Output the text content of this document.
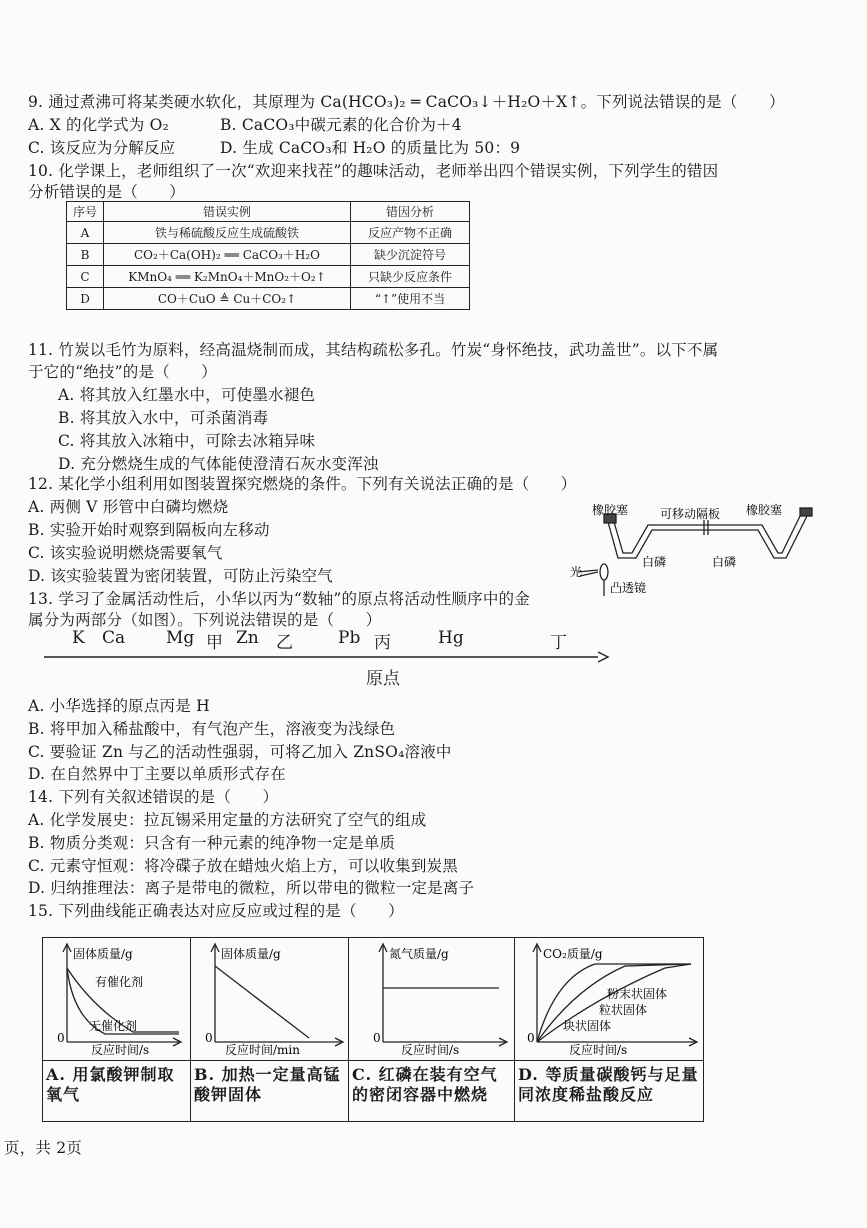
9. 通过煮沸可将某类硬水软化，其原理为 Ca(HCO₃)₂ ═ CaCO₃↓＋H₂O＋X↑。下列说法错误的是（　　）
A. X 的化学式为 O₂	B. CaCO₃中碳元素的化合价为＋4
C. 该反应为分解反应	D. 生成 CaCO₃和 H₂O 的质量比为 50：9
10. 化学课上，老师组织了一次“欢迎来找茬”的趣味活动，老师举出四个错误实例，下列学生的错因
分析错误的是（　　）
序号	错误实例	错因分析
A	铁与稀硫酸反应生成硫酸铁	反应产物不正确
B	CO₂＋Ca(OH)₂ ══ CaCO₃＋H₂O	缺少沉淀符号
C	KMnO₄ ══ K₂MnO₄＋MnO₂＋O₂↑	只缺少反应条件
D	CO＋CuO ≜ Cu＋CO₂↑	“↑”使用不当
11. 竹炭以毛竹为原料，经高温烧制而成，其结构疏松多孔。竹炭“身怀绝技，武功盖世”。以下不属
于它的“绝技”的是（　　）
A. 将其放入红墨水中，可使墨水褪色
B. 将其放入水中，可杀菌消毒
C. 将其放入冰箱中，可除去冰箱异味
D. 充分燃烧生成的气体能使澄清石灰水变浑浊
12. 某化学小组利用如图装置探究燃烧的条件。下列有关说法正确的是（　　）
A. 两侧 V 形管中白磷均燃烧
B. 实验开始时观察到隔板向左移动
C. 该实验说明燃烧需要氧气
D. 该实验装置为密闭装置，可防止污染空气
橡胶塞	可移动隔板 橡胶塞
白磷	白磷
光
凸透镜
13. 学习了金属活动性后，小华以丙为“数轴”的原点将活动性顺序中的金
属分为两部分（如图）。下列说法错误的是（　　）
K Ca Mg 甲 Zn 乙	Pb 丙	Hg	丁
原点
A. 小华选择的原点丙是 H
B. 将甲加入稀盐酸中，有气泡产生，溶液变为浅绿色
C. 要验证 Zn 与乙的活动性强弱，可将乙加入 ZnSO₄溶液中
D. 在自然界中丁主要以单质形式存在
14. 下列有关叙述错误的是（　　）
A. 化学发展史：拉瓦锡采用定量的方法研究了空气的组成
B. 物质分类观：只含有一种元素的纯净物一定是单质
C. 元素守恒观：将冷碟子放在蜡烛火焰上方，可以收集到炭黑
D. 归纳推理法：离子是带电的微粒，所以带电的微粒一定是离子
15. 下列曲线能正确表达对应反应或过程的是（　　）
固体质量/g
反应时间/s
0
有催化剂
无催化剂
固体质量/g
反应时间/min
0
氮气质量/g
反应时间/s
0
CO₂质量/g
反应时间/s
0
粉末状固体
粒状固体
块状固体
A. 用氯酸钾制取氧气
B. 加热一定量高锰酸钾固体
C. 红磷在装有空气的密闭容器中燃烧
D. 等质量碳酸钙与足量同浓度稀盐酸反应
页，共 2页
